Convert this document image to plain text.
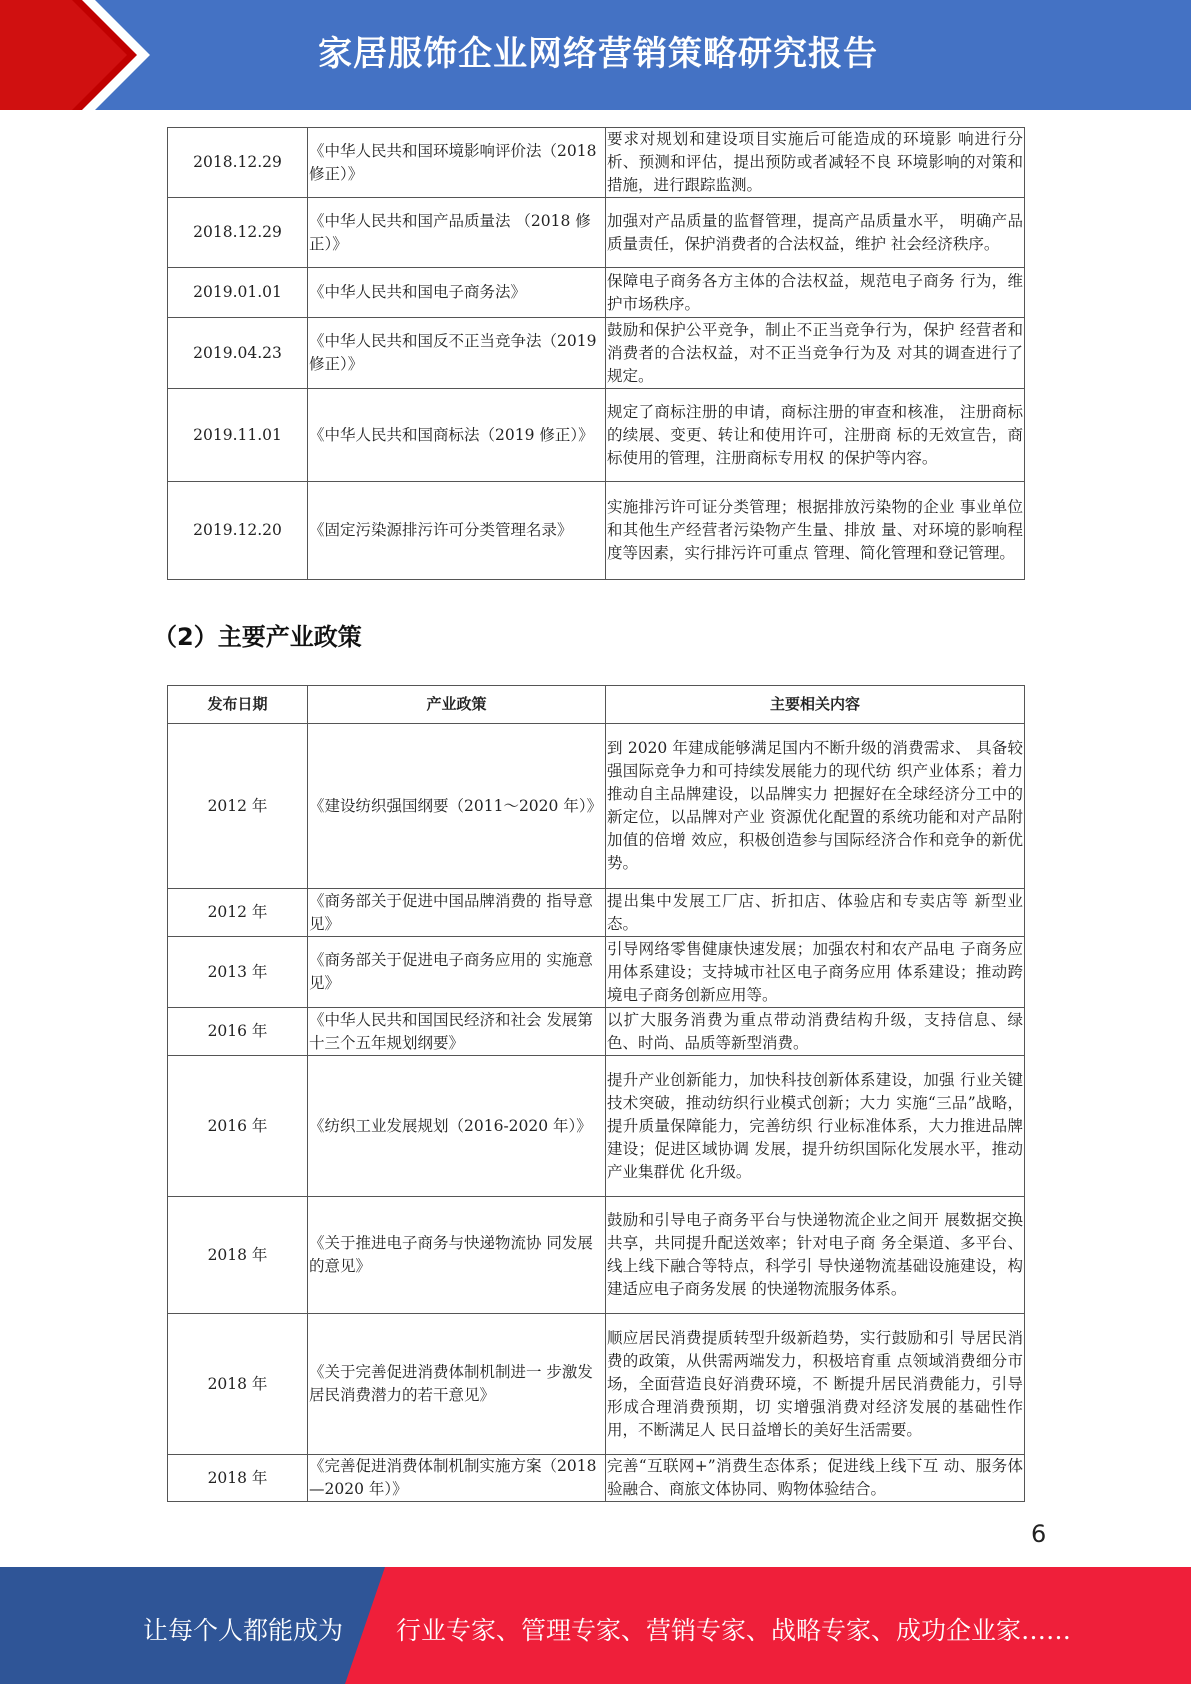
家居服饰企业网络营销策略研究报告
2018.12.29	《中华人民共和国环境影响评价法（2018 修正）》	要求对规划和建设项目实施后可能造成的环境影 响进行分析、预测和评估，提出预防或者减轻不良 环境影响的对策和措施，进行跟踪监测。
2018.12.29	《中华人民共和国产品质量法 （2018 修正）》	加强对产品质量的监督管理，提高产品质量水平， 明确产品质量责任，保护消费者的合法权益，维护 社会经济秩序。
2019.01.01	《中华人民共和国电子商务法》	保障电子商务各方主体的合法权益，规范电子商务 行为，维护市场秩序。
2019.04.23	《中华人民共和国反不正当竞争法（2019 修正）》	鼓励和保护公平竞争，制止不正当竞争行为，保护 经营者和消费者的合法权益，对不正当竞争行为及 对其的调查进行了规定。
2019.11.01	《中华人民共和国商标法（2019 修正）》	规定了商标注册的申请，商标注册的审查和核准， 注册商标的续展、变更、转让和使用许可，注册商 标的无效宣告，商标使用的管理，注册商标专用权 的保护等内容。
2019.12.20	《固定污染源排污许可分类管理名录》	实施排污许可证分类管理；根据排放污染物的企业 事业单位和其他生产经营者污染物产生量、排放 量、对环境的影响程度等因素，实行排污许可重点 管理、简化管理和登记管理。
（2）主要产业政策
发布日期	产业政策	主要相关内容
2012 年	《建设纺织强国纲要（2011～2020 年）》	到 2020 年建成能够满足国内不断升级的消费需求、 具备较强国际竞争力和可持续发展能力的现代纺 织产业体系；着力推动自主品牌建设，以品牌实力 把握好在全球经济分工中的新定位，以品牌对产业 资源优化配置的系统功能和对产品附加值的倍增 效应，积极创造参与国际经济合作和竞争的新优 势。
2012 年	《商务部关于促进中国品牌消费的 指导意见》	提出集中发展工厂店、折扣店、体验店和专卖店等 新型业态。
2013 年	《商务部关于促进电子商务应用的 实施意见》	引导网络零售健康快速发展；加强农村和农产品电 子商务应用体系建设；支持城市社区电子商务应用 体系建设；推动跨境电子商务创新应用等。
2016 年	《中华人民共和国国民经济和社会 发展第十三个五年规划纲要》	以扩大服务消费为重点带动消费结构升级，支持信息、绿色、时尚、品质等新型消费。
2016 年	《纺织工业发展规划（2016-2020 年）》	提升产业创新能力，加快科技创新体系建设，加强 行业关键技术突破，推动纺织行业模式创新；大力 实施“三品”战略，提升质量保障能力，完善纺织 行业标准体系，大力推进品牌建设；促进区域协调 发展，提升纺织国际化发展水平，推动产业集群优 化升级。
2018 年	《关于推进电子商务与快递物流协 同发展的意见》	鼓励和引导电子商务平台与快递物流企业之间开 展数据交换共享，共同提升配送效率；针对电子商 务全渠道、多平台、线上线下融合等特点，科学引 导快递物流基础设施建设，构建适应电子商务发展 的快递物流服务体系。
2018 年	《关于完善促进消费体制机制进一 步激发居民消费潜力的若干意见》	顺应居民消费提质转型升级新趋势，实行鼓励和引 导居民消费的政策，从供需两端发力，积极培育重 点领域消费细分市场，全面营造良好消费环境，不 断提升居民消费能力，引导形成合理消费预期，切 实增强消费对经济发展的基础性作用，不断满足人 民日益增长的美好生活需要。
2018 年	《完善促进消费体制机制实施方案（2018—2020 年）》	完善“互联网+”消费生态体系；促进线上线下互 动、服务体验融合、商旅文体协同、购物体验结合。
6
让每个人都能成为 行业专家、管理专家、营销专家、战略专家、成功企业家……
